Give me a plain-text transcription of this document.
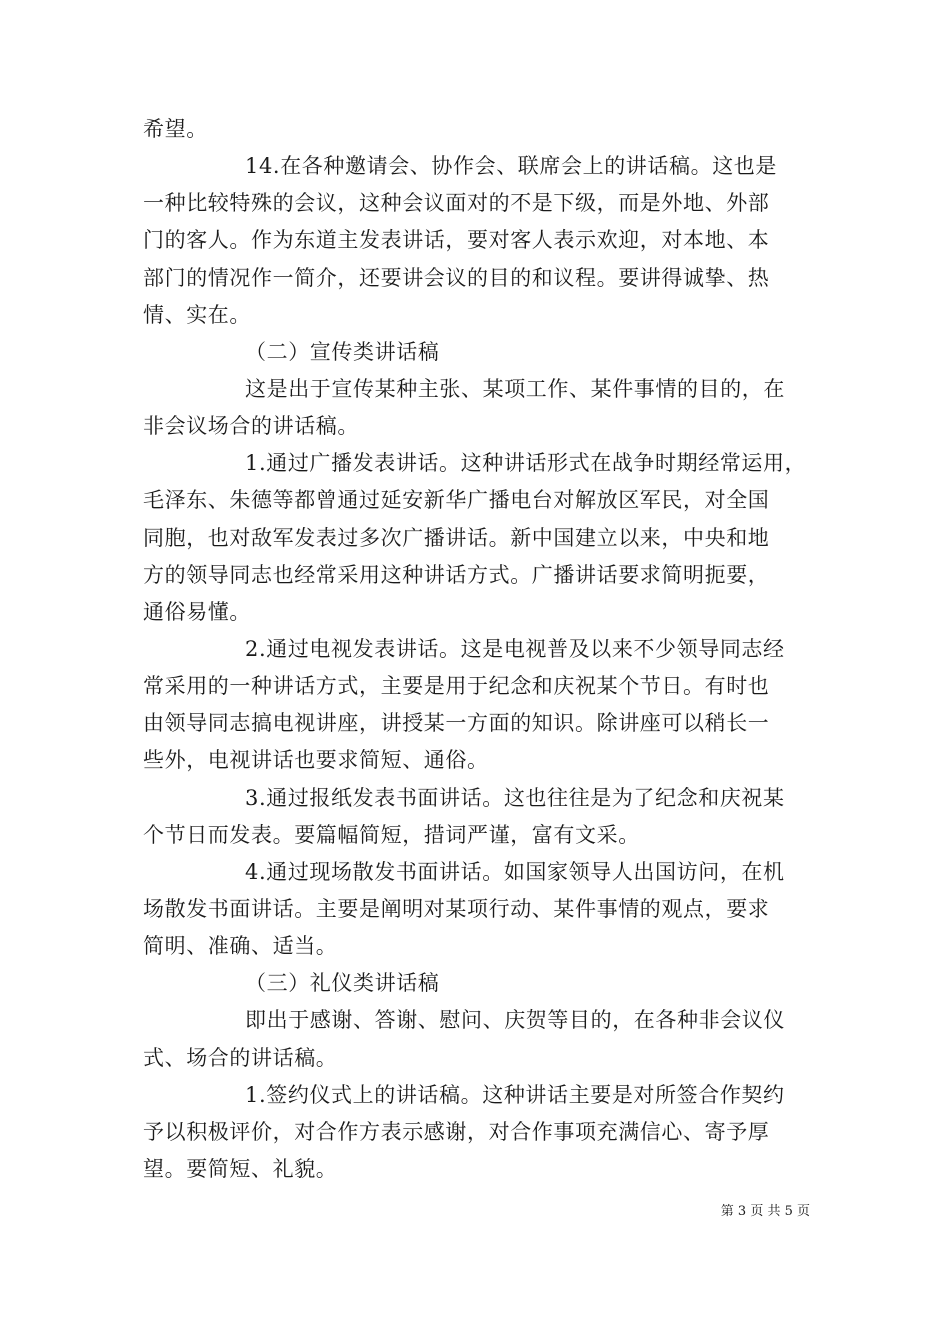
希望。
14.在各种邀请会、协作会、联席会上的讲话稿。这也是
一种比较特殊的会议，这种会议面对的不是下级，而是外地、外部
门的客人。作为东道主发表讲话，要对客人表示欢迎，对本地、本
部门的情况作一简介，还要讲会议的目的和议程。要讲得诚挚、热
情、实在。
（二）宣传类讲话稿
这是出于宣传某种主张、某项工作、某件事情的目的，在
非会议场合的讲话稿。
1.通过广播发表讲话。这种讲话形式在战争时期经常运用，
毛泽东、朱德等都曾通过延安新华广播电台对解放区军民，对全国
同胞，也对敌军发表过多次广播讲话。新中国建立以来，中央和地
方的领导同志也经常采用这种讲话方式。广播讲话要求简明扼要，
通俗易懂。
2.通过电视发表讲话。这是电视普及以来不少领导同志经
常采用的一种讲话方式，主要是用于纪念和庆祝某个节日。有时也
由领导同志搞电视讲座，讲授某一方面的知识。除讲座可以稍长一
些外，电视讲话也要求简短、通俗。
3.通过报纸发表书面讲话。这也往往是为了纪念和庆祝某
个节日而发表。要篇幅简短，措词严谨，富有文采。
4.通过现场散发书面讲话。如国家领导人出国访问，在机
场散发书面讲话。主要是阐明对某项行动、某件事情的观点，要求
简明、准确、适当。
（三）礼仪类讲话稿
即出于感谢、答谢、慰问、庆贺等目的，在各种非会议仪
式、场合的讲话稿。
1.签约仪式上的讲话稿。这种讲话主要是对所签合作契约
予以积极评价，对合作方表示感谢，对合作事项充满信心、寄予厚
望。要简短、礼貌。
第 3 页 共 5 页
